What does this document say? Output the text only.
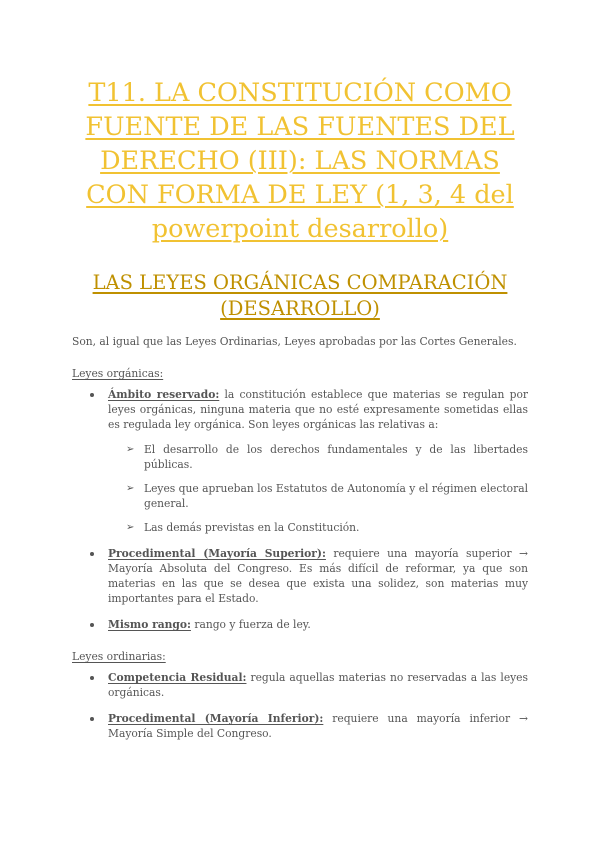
T11. LA CONSTITUCIÓN COMO FUENTE DE LAS FUENTES DEL DERECHO (III): LAS NORMAS CON FORMA DE LEY (1, 3, 4 del powerpoint desarrollo)
LAS LEYES ORGÁNICAS COMPARACIÓN (DESARROLLO)

Son, al igual que las Leyes Ordinarias, Leyes aprobadas por las Cortes Generales.

Leyes orgánicas:

Ámbito reservado: la constitución establece que materias se regulan por leyes orgánicas, ninguna materia que no esté expresamente sometidas ellas es regulada ley orgánica. Son leyes orgánicas las relativas a:
➢ El desarrollo de los derechos fundamentales y de las libertades públicas.
➢ Leyes que aprueban los Estatutos de Autonomía y el régimen electoral general.
➢ Las demás previstas en la Constitución.
Procedimental (Mayoría Superior): requiere una mayoría superior → Mayoría Absoluta del Congreso. Es más difícil de reformar, ya que son materias en las que se desea que exista una solidez, son materias muy importantes para el Estado.
Mismo rango: rango y fuerza de ley.

Leyes ordinarias:

Competencia Residual: regula aquellas materias no reservadas a las leyes orgánicas.
Procedimental (Mayoría Inferior): requiere una mayoría inferior → Mayoría Simple del Congreso.
